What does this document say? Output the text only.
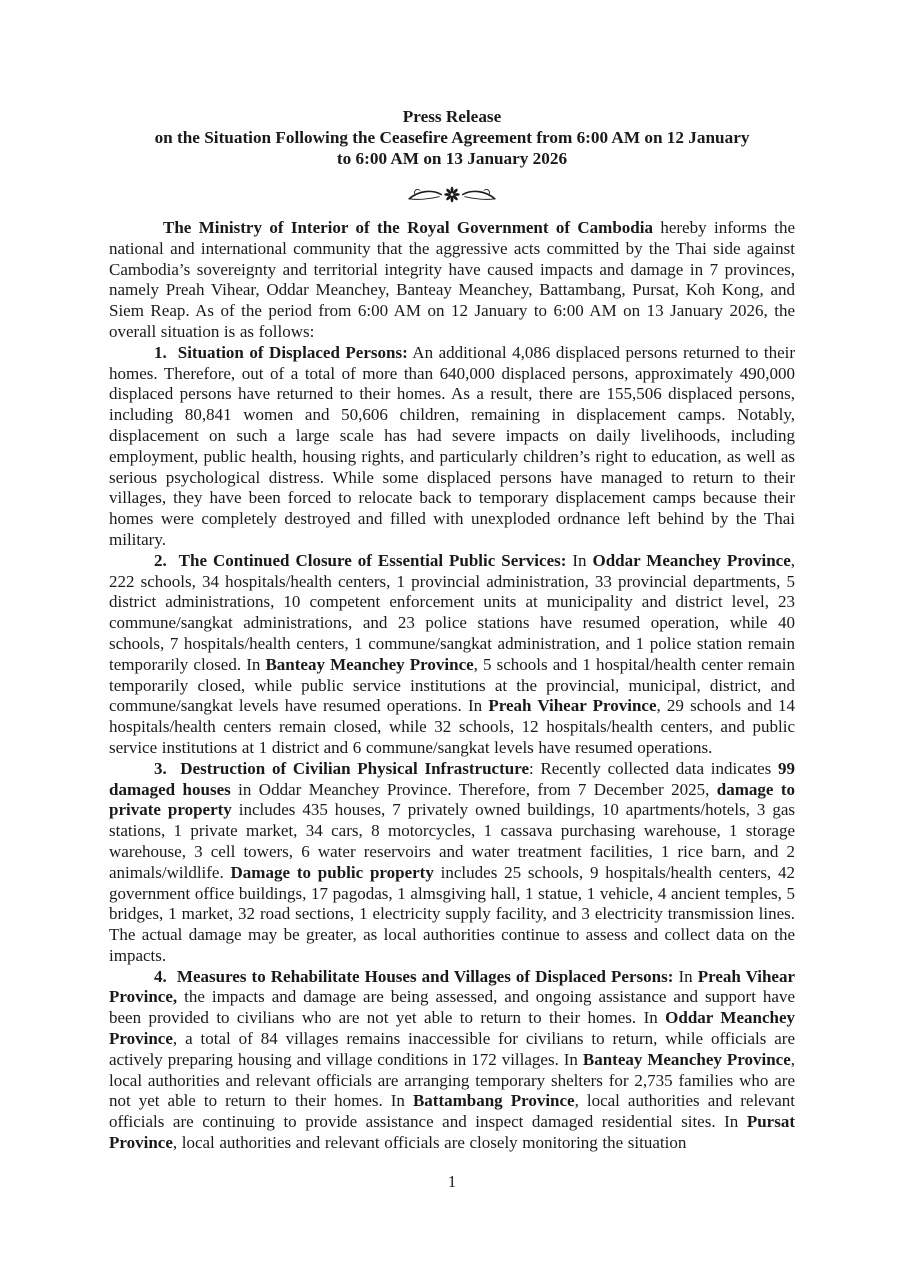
Press Release
on the Situation Following the Ceasefire Agreement from 6:00 AM on 12 January
to 6:00 AM on 13 January 2026

The Ministry of Interior of the Royal Government of Cambodia hereby informs the national and international community that the aggressive acts committed by the Thai side against Cambodia’s sovereignty and territorial integrity have caused impacts and damage in 7 provinces, namely Preah Vihear, Oddar Meanchey, Banteay Meanchey, Battambang, Pursat, Koh Kong, and Siem Reap. As of the period from 6:00 AM on 12 January to 6:00 AM on 13 January 2026, the overall situation is as follows:

1.  Situation of Displaced Persons: An additional 4,086 displaced persons returned to their homes. Therefore, out of a total of more than 640,000 displaced persons, approximately 490,000 displaced persons have returned to their homes. As a result, there are 155,506 displaced persons, including 80,841 women and 50,606 children, remaining in displacement camps. Notably, displacement on such a large scale has had severe impacts on daily livelihoods, including employment, public health, housing rights, and particularly children’s right to education, as well as serious psychological distress. While some displaced persons have managed to return to their villages, they have been forced to relocate back to temporary displacement camps because their homes were completely destroyed and filled with unexploded ordnance left behind by the Thai military.

2.  The Continued Closure of Essential Public Services: In Oddar Meanchey Province, 222 schools, 34 hospitals/health centers, 1 provincial administration, 33 provincial departments, 5 district administrations, 10 competent enforcement units at municipality and district level, 23 commune/sangkat administrations, and 23 police stations have resumed operation, while 40 schools, 7 hospitals/health centers, 1 commune/sangkat administration, and 1 police station remain temporarily closed. In Banteay Meanchey Province, 5 schools and 1 hospital/health center remain temporarily closed, while public service institutions at the provincial, municipal, district, and commune/sangkat levels have resumed operations. In Preah Vihear Province, 29 schools and 14 hospitals/health centers remain closed, while 32 schools, 12 hospitals/health centers, and public service institutions at 1 district and 6 commune/sangkat levels have resumed operations.

3.  Destruction of Civilian Physical Infrastructure: Recently collected data indicates 99 damaged houses in Oddar Meanchey Province. Therefore, from 7 December 2025, damage to private property includes 435 houses, 7 privately owned buildings, 10 apartments/hotels, 3 gas stations, 1 private market, 34 cars, 8 motorcycles, 1 cassava purchasing warehouse, 1 storage warehouse, 3 cell towers, 6 water reservoirs and water treatment facilities, 1 rice barn, and 2 animals/wildlife. Damage to public property includes 25 schools, 9 hospitals/health centers, 42 government office buildings, 17 pagodas, 1 almsgiving hall, 1 statue, 1 vehicle, 4 ancient temples, 5 bridges, 1 market, 32 road sections, 1 electricity supply facility, and 3 electricity transmission lines. The actual damage may be greater, as local authorities continue to assess and collect data on the impacts.

4.  Measures to Rehabilitate Houses and Villages of Displaced Persons: In Preah Vihear Province, the impacts and damage are being assessed, and ongoing assistance and support have been provided to civilians who are not yet able to return to their homes. In Oddar Meanchey Province, a total of 84 villages remains inaccessible for civilians to return, while officials are actively preparing housing and village conditions in 172 villages. In Banteay Meanchey Province, local authorities and relevant officials are arranging temporary shelters for 2,735 families who are not yet able to return to their homes. In Battambang Province, local authorities and relevant officials are continuing to provide assistance and inspect damaged residential sites. In Pursat Province, local authorities and relevant officials are closely monitoring the situation

1
